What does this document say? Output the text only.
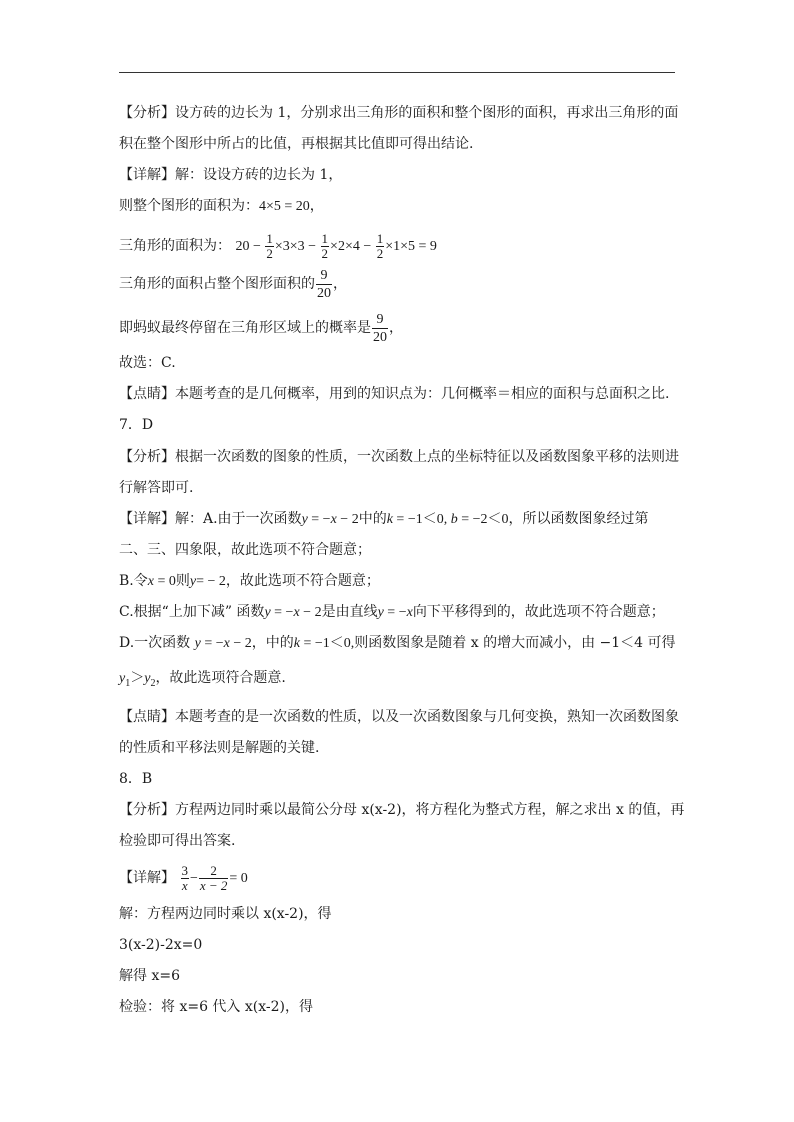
【分析】设方砖的边长为 1，分别求出三角形的面积和整个图形的面积，再求出三角形的面
积在整个图形中所占的比值，再根据其比值即可得出结论.
【详解】解：设设方砖的边长为 1，
则整个图形的面积为：4×5 = 20，
三角形的面积为： $20 - \frac{1}{2} \times 3\times 3 - \frac{1}{2} \times 2\times 4 - \frac{1}{2} \times 1\times 5 = 9$
三角形的面积占整个图形面积的 $\frac{9}{20}$ ，
即蚂蚁最终停留在三角形区域上的概率是 $\frac{9}{20}$ ，
故选：C.
【点睛】本题考查的是几何概率，用到的知识点为：几何概率＝相应的面积与总面积之比.
7．D
【分析】根据一次函数的图象的性质，一次函数上点的坐标特征以及函数图象平移的法则进
行解答即可.
【详解】解：A.由于一次函数y = −x − 2中的k = −1＜0, b = −2＜0，所以函数图象经过第
二、三、四象限，故此选项不符合题意；
B.令x = 0则y= − 2，故此选项不符合题意；
C.根据“上加下减” 函数y = −x − 2是由直线y = −x向下平移得到的，故此选项不符合题意；
D.一次函数 y = −x − 2，中的k = −1＜0,则函数图象是随着 x 的增大而减小，由 −1＜4 可得
$y_1>y_2$，故此选项符合题意.
【点睛】本题考查的是一次函数的性质，以及一次函数图象与几何变换，熟知一次函数图象
的性质和平移法则是解题的关键.
8．B
【分析】方程两边同时乘以最简公分母 x(x-2)，将方程化为整式方程，解之求出 x 的值，再
检验即可得出答案.
【详解】 $\frac{3}{x} - \frac{2}{x - 2} = 0$
解：方程两边同时乘以 x(x-2)，得
3(x-2)-2x=0
解得 x=6
检验：将 x=6 代入 x(x-2)，得
